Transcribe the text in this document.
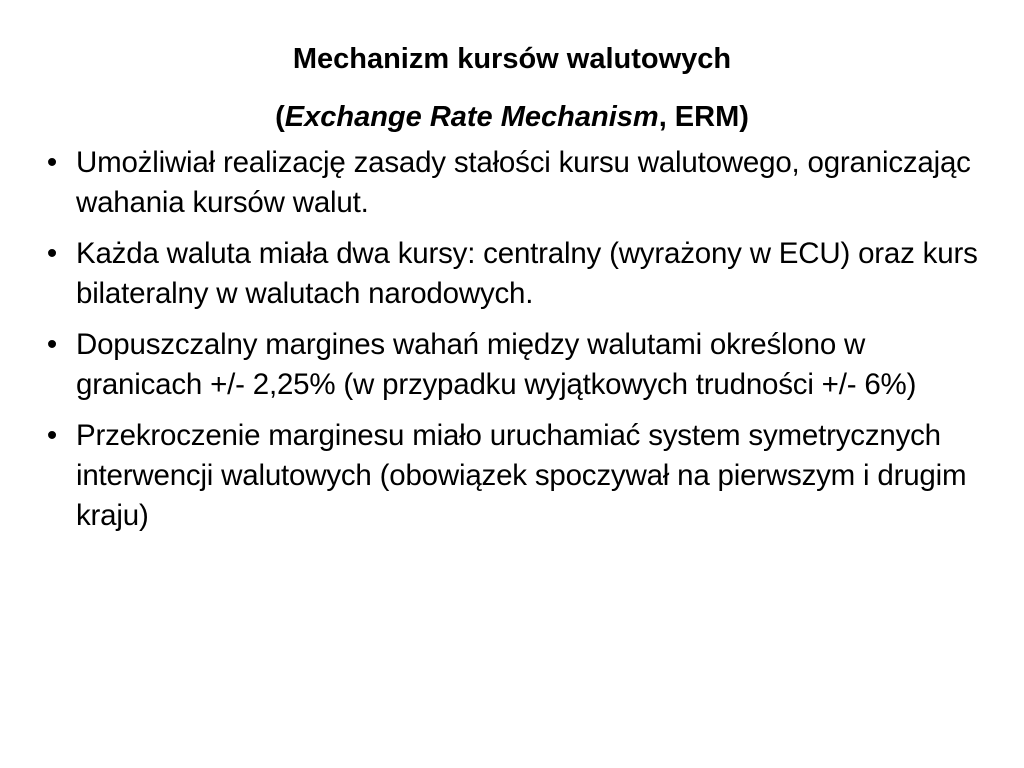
Mechanizm kursów walutowych
(Exchange Rate Mechanism, ERM)
• Umożliwiał realizację zasady stałości kursu walutowego, ograniczając wahania kursów walut.
• Każda waluta miała dwa kursy: centralny (wyrażony w ECU) oraz kurs bilateralny w walutach narodowych.
• Dopuszczalny margines wahań między walutami określono w granicach +/- 2,25% (w przypadku wyjątkowych trudności +/- 6%)
• Przekroczenie marginesu miało uruchamiać system symetrycznych interwencji walutowych (obowiązek spoczywał na pierwszym i drugim kraju)
